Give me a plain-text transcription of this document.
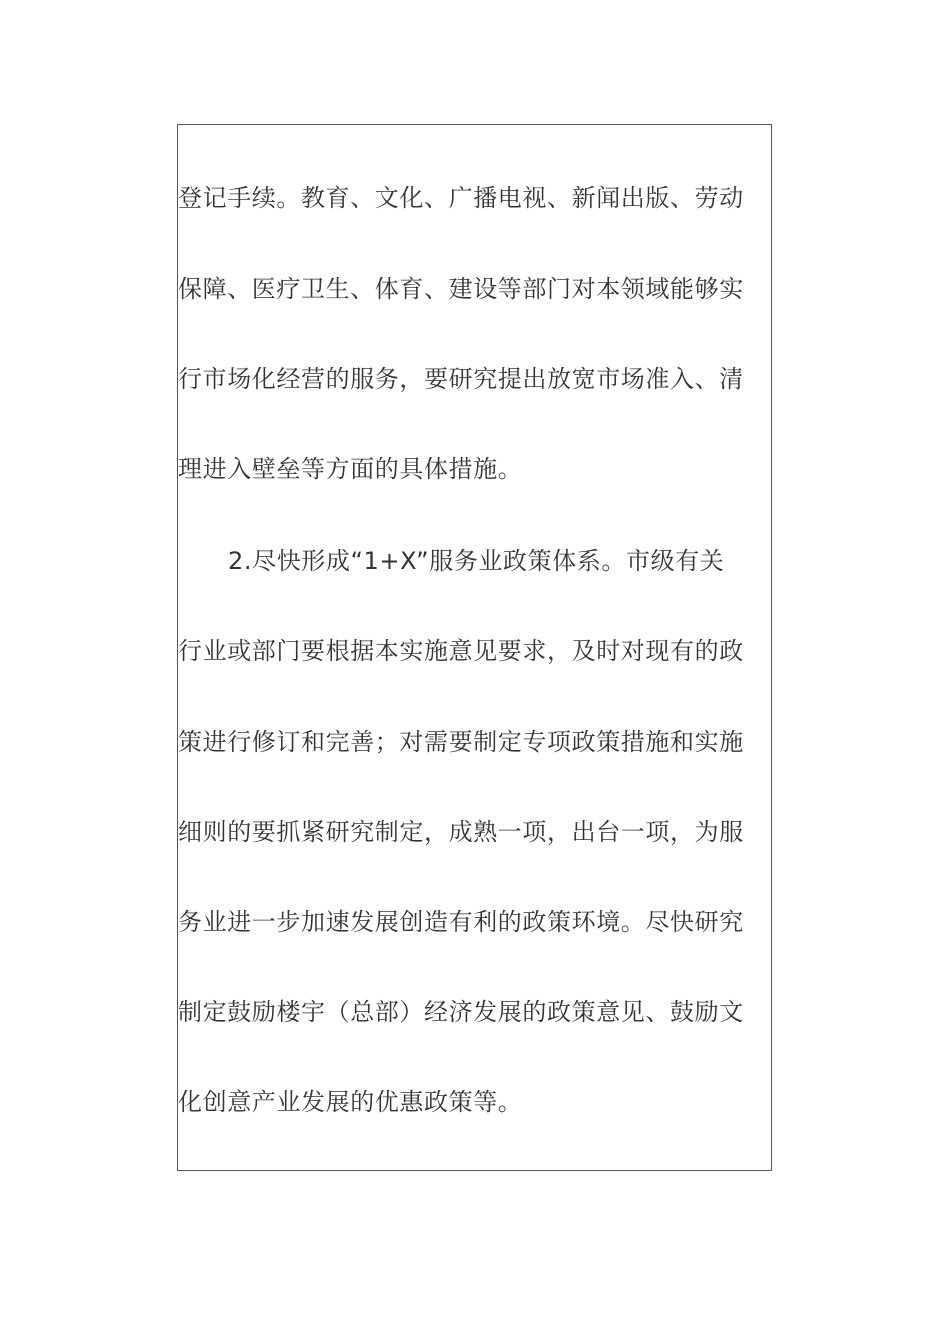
登记手续。教育、文化、广播电视、新闻出版、劳动
保障、医疗卫生、体育、建设等部门对本领域能够实
行市场化经营的服务，要研究提出放宽市场准入、清
理进入壁垒等方面的具体措施。
2.尽快形成“1+X”服务业政策体系。市级有关
行业或部门要根据本实施意见要求，及时对现有的政
策进行修订和完善；对需要制定专项政策措施和实施
细则的要抓紧研究制定，成熟一项，出台一项，为服
务业进一步加速发展创造有利的政策环境。尽快研究
制定鼓励楼宇（总部）经济发展的政策意见、鼓励文
化创意产业发展的优惠政策等。
